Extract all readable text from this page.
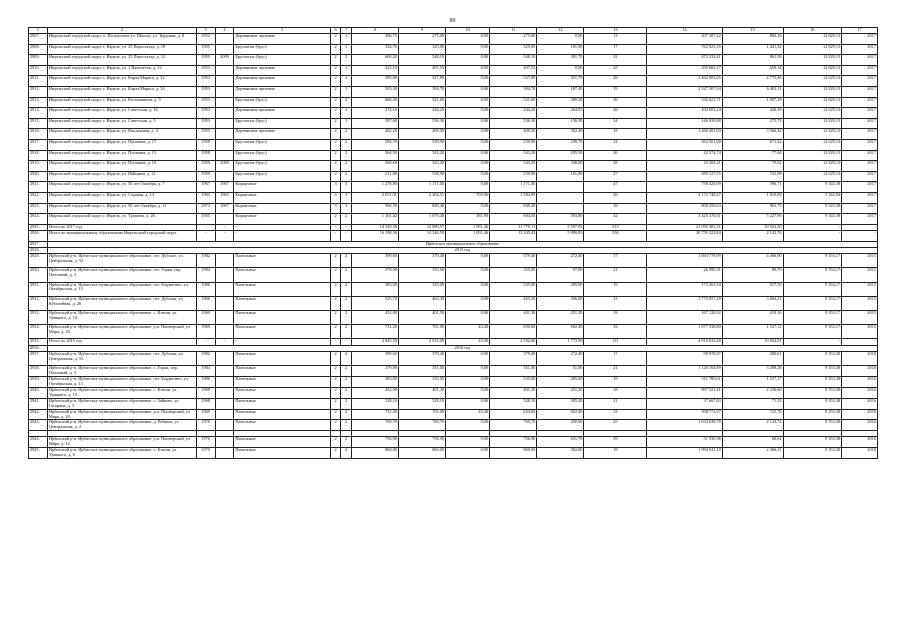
80
1	2	3	4	5	6	7	8	9	10	11	12	13	14	15	16	17
2907.	Ивдельский городской округ, п. Полуночное (п. Шахта), ул. Трудовая, д. 8	1952		Деревянные щитовые	2	1	296,75	275,00	0,00	275,00	0,00	13	207 307,22	882,16	12 829,13	2017
2908.	Ивдельский городской округ, г. Ивдель, ул. 25 Партсъезда, д. 19	1955		Брусчатые (брус)	2	1	354,70	329,00	0,00	329,00	181,90	17	762 023,16	1 441,32	12 829,13	2017
2909.	Ивдельский городской округ, г. Ивдель, ул. 25 Партсъезда, д. 12	1955	2009	Брусчатые (брус)	2	2	600,20	548,10	0,00	548,10	391,70	32	472 232,41	861,58	12 829,13	2017
2910.	Ивдельский городской округ, г. Ивдель, ул. 1 Пятилетки, д. 12	1953		Деревянные щитовые	2	1	523,10	497,53	0,00	497,53	0,00	25	295 665,17	659,14	12 829,13	2017
2911.	Ивдельский городской округ, г. Ивдель, ул. Карла Маркса, д. 32	1953		Деревянные щитовые	2	1	589,80	527,89	0,00	527,89	311,79	29	1 462 903,65	2 775,46	12 829,13	2017
2912.	Ивдельский городской округ, г. Ивдель, ул. Карла Маркса, д. 34	1953		Деревянные щитовые	2	1	503,30	394,70	0,00	394,70	187,40	19	2 527 307,94	6 403,11	12 829,13	2017
2913.	Ивдельский городской округ, г. Ивдель, ул. Космонавтов, д. 9	1953		Брусчатые (брус)	2	2	666,20	521,60	0,00	521,60	280,50	36	535 621,71	1 007,29	12 829,13	2017
2914.	Ивдельский городской округ, г. Ивдель, ул. Советская, д. 16	1953		Деревянные щитовые	2	1	274,10	244,20	0,00	244,20	264,05	26	104 603,24	426,16	12 829,13	2017
2915.	Ивдельский городской округ, г. Ивдель, ул. Советская, д. 5	1953		Брусчатые (брус)	2	1	597,60	536,30	0,00	536,30	136,30	24	146 939,88	275,73	12 829,13	2017
2916.	Ивдельский городской округ, г. Ивдель, ул. Вокзальная, д. 4	1955		Деревянные щитовые	2	2	462,20	409,50	0,00	409,50	392,40	18	1 460 491,03	3 566,42	12 829,13	2017
2917.	Ивдельский городской округ, г. Ивдель, ул. Пушкина, д. 17	1958		Брусчатые (брус)	2	2	594,70	539,90	0,00	539,90	239,70	24	362 501,90	671,42	12 829,13	2017
2918.	Ивдельский городской округ, г. Ивдель, ул. Пушкина, д. 15	1958		Брусчатые (брус)	2	2	564,50	543,20	0,00	543,20	295,50	26	42 574,74	77,64	12 829,13	2017
2919.	Ивдельский городской округ, г. Ивдель, ул. Пушкина, д. 19	1959	2009	Брусчатые (брус)	2	2	566,60	543,20	0,00	543,20	348,00	28	43 269,21	79,62	12 829,13	2017
2920.	Ивдельский городской округ, г. Ивдель, ул. Пайщика, д. 21	1959		Брусчатые (брус)	2	2	611,80	538,90	0,00	539,90	181,80	27	389 127,55	722,08	12 829,13	2017
2921.	Ивдельский городской округ, г. Ивдель, ул. 50 лет Октября, д. 7	1967	1967	Кирпичные	3	3	1 278,80	1 171,00	0,00	1 171,00		47	758 420,09	596,71	9 343,38	2017
2922.	Ивдельский городской округ, г. Ивдель, ул. Садовая, д. 14	1963	1963	Кирпичные	4	3	2 051,01	2 304,51	703,96	1 584,99		26	4 172 748,47	1 810,69	5 342,94	2017
2923.	Ивдельский городской округ, г. Ивдель, ул. 50 лет Октября, д. 11	1973	1967	Кирпичные	3	3	966,50	849,40	0,00	849,40		19	808 256,63	961,73	9 343,38	2017
2924.	Ивдельский городской округ, г. Ивдель, ул. Трошева, д. 26	1955		Кирпичные	2	2	1 161,42	1 079,40	381,90	694,50	593,80	42	3 425 370,51	5 227,96	9 343,38	2017
2925.	Итого по 2017 год	-	-	-	-	-	14 549,36	12 889,57	1 091,46	11 779,11	5 597,93	513	21 059 481,51	10 922,50	-	-
2926.	Итого по муниципальному образованию Ивдельский городской округ	-	-	-	-	-	16 198,36	14 346,59	1 091,46	13 245,43	5 990,83	556	20 759 322,84	2 143,76	-	-
2927.	Ирбитское муниципальное образование															
2928.	2015 год															
2929.	Ирбитский р-н, Ирбитское муниципальное образование, пгт. Дубское, ул. Центральная, д. 52	1982		Панельные	2	2	399,60	379,40	0,00	379,40	272,40	17	1 694 779,99	4 466,90	9 353,17	2015
2930.	Ирбитский р-н, Ирбитское муниципальное образование, пгт. Горки, пер. Почтовый, д. 3	1984		Панельные	2	2	379,00	355,00	0,00	355,00	97,00	21	26 980,31	80,79	9 353,17	2015
2931.	Ирбитский р-н, Ирбитское муниципальное образование, пгт. Бердюгино, ул. Октябрьская, д. 13	1986		Панельные	2	2	383,00	335,00	0,00	335,00	285,00	19	173 263,34	517,50	9 353,17	2015
2932.	Ирбитский р-н, Ирбитское муниципальное образование, пгт. Дубская, ул. Юбилейная, д. 28	1966		Панельные	2	2	525,70	463,30	0,00	463,30	306,80	23	1 770 057,28	3 804,21	9 353,17	2015
2933.	Ирбитский р-н, Ирбитское муниципальное образование, с. Ключи, ул. Урицкого, д. 10	1969		Панельные	2	2	452,00	401,50	0,00	401,30	251,20	18	167 120,92	418,16	9 353,17	2015
2934.	Ирбитский р-н, Ирбитское муниципальное образование, р.п. Пионерский, ул. Мира, д. 20	1969		Панельные	2	2	731,20	701,00	43,40	650,60	602,40	33	1 077 538,80	1 537,12	9 353,17	2015
2935.	Итого по 2015 год	-	-	-	-	-	2 845,50	2 615,00	43,40	2 582,60	1 773,90	131	4 910 632,48	10 824,01	-	-
2936.	2016 год															
2937.	Ирбитский р-н, Ирбитское муниципальное образование, пгт. Дубская, ул. Центральная, д. 53	1982		Панельные	2	2	399,60	379,40	0,00	379,40	272,40	17	99 978,07	280,61	9 353,38	2016
2938.	Ирбитский р-н, Ирбитское муниципальное образование, с. Горки, пер. Почтовый, д. 3	1984		Панельные	2	2	379,00	351,00	0,00	351,00	51,00	21	1 126 164,89	3 208,28	9 353,38	2016
2939.	Ирбитский р-н, Ирбитское муниципальное образование, пгт. Бердюгино, ул. Октябрьская, д. 13	1986		Панельные	2	2	383,00	335,00	0,00	335,00	285,00	19	511 789,61	1 527,17	9 353,38	2016
2940.	Ирбитский р-н, Ирбитское муниципальное образование, с. Ключи, ул. Урицкого, д. 10	1968		Панельные	2	2	452,00	401,30	0,00	401,30	251,20	18	897 521,41	2 236,66	9 353,38	2016
2941.	Ирбитский р-н, Ирбитское муниципальное образование, с. Зайково, ул. Гагарина, д. 3	1968		Панельные	2	2	528,10	528,10	0,00	528,10	305,20	21	37 667,63	71,33	9 353,38	2016
2942.	Ирбитский р-н, Ирбитское муниципальное образование, р.п. Пионерский, ул. Мира, д. 20	1969		Панельные	2	2	731,20	701,00	43,40	654,60	602,40	33	508 773,97	725,78	9 353,38	2016
2943.	Ирбитский р-н, Ирбитское муниципальное образование, д. Ребячья, ул. Центральная, д. 2	1970		Панельные	2	2	769,70	769,70	0,00	769,70	290,00	25	1 634 638,78	2 123,72	9 353,38	2016

2944.	Ирбитский р-н, Ирбитское муниципальное образование, р.п. Пионерский, ул. Мира, д. 12	1970		Панельные	2	2	756,90	756,90	0,00	756,90	631,70	29	51 930,96	68,61	9 353,38	2016
2945.	Ирбитский р-н, Ирбитское муниципальное образование, с. Ключи, ул. Урицкого, д. 8	1970		Панельные	2	2	860,00	860,00	0,00	860,00	392,00	18	1 994 541,10	2 366,31	9 353,38	2016
